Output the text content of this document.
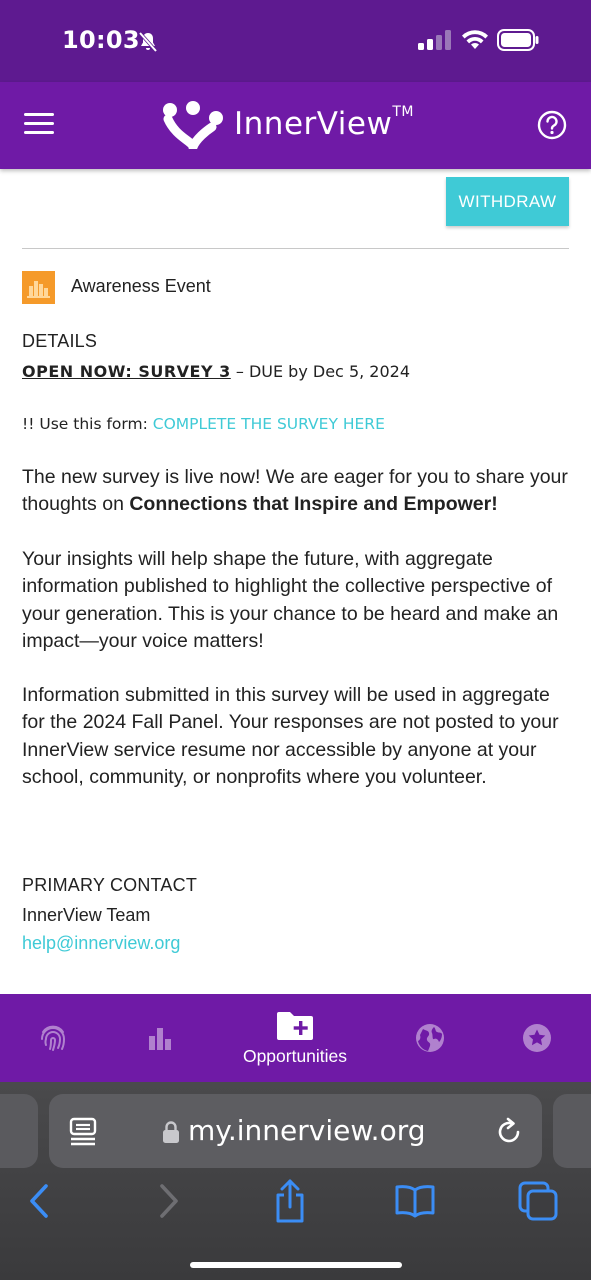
10:03
InnerView™
WITHDRAW
Awareness Event
DETAILS
OPEN NOW: SURVEY 3 – DUE by Dec 5, 2024
!! Use this form: COMPLETE THE SURVEY HERE

The new survey is live now! We are eager for you to share your thoughts on Connections that Inspire and Empower!

Your insights will help shape the future, with aggregate information published to highlight the collective perspective of your generation. This is your chance to be heard and make an impact—your voice matters!

Information submitted in this survey will be used in aggregate for the 2024 Fall Panel. Your responses are not posted to your InnerView service resume nor accessible by anyone at your school, community, or nonprofits where you volunteer.

PRIMARY CONTACT
InnerView Team
help@innerview.org
Opportunities
my.innerview.org
